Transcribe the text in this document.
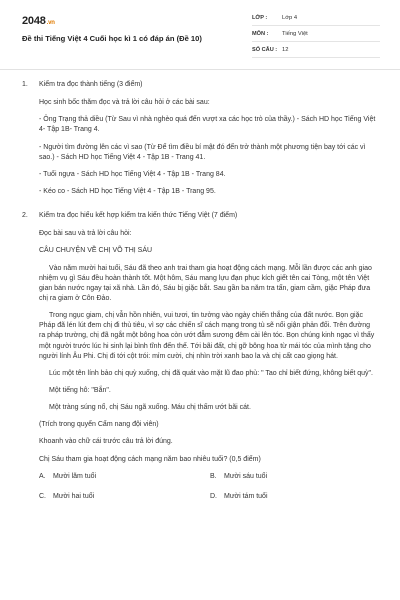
2048.vn
Đề thi Tiếng Việt 4 Cuối học kì 1 có đáp án (Đề 10)
LỚP :	Lớp 4
MÔN :	Tiếng Việt
SỐ CÂU : 12
1.	Kiểm tra đọc thành tiếng (3 điểm)

Học sinh bốc thăm đọc và trả lời câu hỏi ở các bài sau:

- Ông Trạng thả diều (Từ Sau vì nhà nghèo quá đến vượt xa các học trò của thầy.) - Sách HD học Tiếng Việt 4- Tập 1B- Trang 4.

- Người tìm đường lên các vì sao (Từ Để tìm điều bí mật đó đến trở thành một phương tiện bay tới các vì sao.) - Sách HD học Tiếng Việt 4 - Tập 1B - Trang 41.

- Tuổi ngựa - Sách HD học Tiếng Việt 4 - Tập 1B - Trang 84.

- Kéo co - Sách HD học Tiếng Việt 4 - Tập 1B - Trang 95.

2.	Kiểm tra đọc hiểu kết hợp kiểm tra kiến thức Tiếng Việt (7 điểm)

Đọc bài sau và trả lời câu hỏi:

CÂU CHUYỆN VỀ CHỊ VÕ THỊ SÁU

Vào năm mười hai tuổi, Sáu đã theo anh trai tham gia hoạt động cách mạng. Mỗi lần được các anh giao nhiệm vụ gì Sáu đều hoàn thành tốt. Một hôm, Sáu mang lựu đạn phục kích giết tên cai Tòng, một tên Việt gian bán nước ngay tại xã nhà. Lần đó, Sáu bị giặc bắt. Sau gần ba năm tra tấn, giam cầm, giặc Pháp đưa chị ra giam ở Côn Đảo.

Trong ngục giam, chị vẫn hồn nhiên, vui tươi, tin tưởng vào ngày chiến thắng của đất nước. Bọn giặc Pháp đã lén lút đem chị đi thủ tiêu, vì sợ các chiến sĩ cách mạng trong tù sẽ nổi giận phản đối. Trên đường ra pháp trường, chị đã ngắt một bông hoa còn ướt đẫm sương đêm cài lên tóc. Bọn chúng kinh ngạc vì thấy một người trước lúc hi sinh lại bình tĩnh đến thế. Tới bãi đất, chị gỡ bông hoa từ mái tóc của mình tặng cho người lính Âu Phi. Chị đi tới cột trói: mỉm cười, chị nhìn trời xanh bao la và chị cất cao giọng hát.

Lúc một tên lính bảo chị quỳ xuống, chị đã quát vào mặt lũ đao phủ: " Tao chỉ biết đứng, không biết quỳ".

Một tiếng hô: "Bắn".

Một tràng súng nổ, chị Sáu ngã xuống. Máu chị thấm ướt bãi cát.

(Trích trong quyển Cẩm nang đội viên)

Khoanh vào chữ cái trước câu trả lời đúng.

Chị Sáu tham gia hoạt động cách mạng năm bao nhiêu tuổi? (0,5 điểm)

A.	Mười lăm tuổi	B.	Mười sáu tuổi
C.	Mười hai tuổi	D.	Mười tám tuổi
